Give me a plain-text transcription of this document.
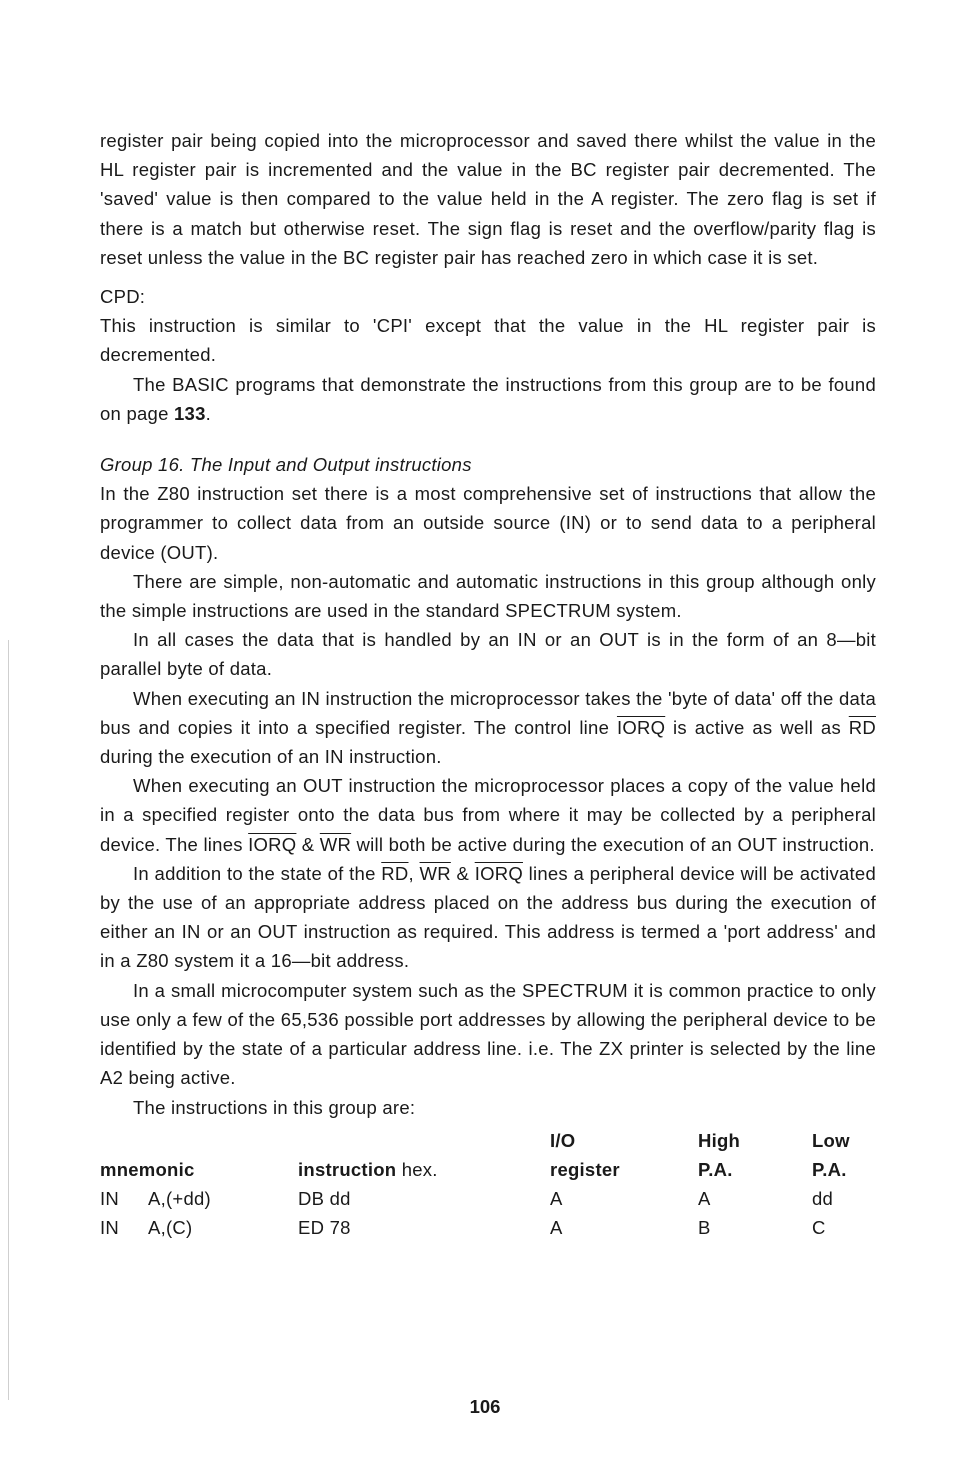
register pair being copied into the microprocessor and saved there whilst the value in the HL register pair is incremented and the value in the BC register pair decremented. The 'saved' value is then compared to the value held in the A register. The zero flag is set if there is a match but otherwise reset. The sign flag is reset and the overflow/parity flag is reset unless the value in the BC register pair has reached zero in which case it is set.

CPD:

This instruction is similar to 'CPI' except that the value in the HL register pair is decremented.

The BASIC programs that demonstrate the instructions from this group are to be found on page 133.

Group 16. The Input and Output instructions

In the Z80 instruction set there is a most comprehensive set of instructions that allow the programmer to collect data from an outside source (IN) or to send data to a peripheral device (OUT).

There are simple, non-automatic and automatic instructions in this group although only the simple instructions are used in the standard SPECTRUM system.

In all cases the data that is handled by an IN or an OUT is in the form of an 8—bit parallel byte of data.

When executing an IN instruction the microprocessor takes the 'byte of data' off the data bus and copies it into a specified register. The control line IORQ is active as well as $\overline{RD}$ during the execution of an IN instruction.

When executing an OUT instruction the microprocessor places a copy of the value held in a specified register onto the data bus from where it may be collected by a peripheral device. The lines IORQ & $\overline{WR}$ will both be active during the execution of an OUT instruction.

In addition to the state of the $\overline{RD}$, $\overline{WR}$ & IORQ lines a peripheral device will be activated by the use of an appropriate address placed on the address bus during the execution of either an IN or an OUT instruction as required. This address is termed a 'port address' and in a Z80 system it a 16—bit address.

In a small microcomputer system such as the SPECTRUM it is common practice to only use only a few of the 65,536 possible port addresses by allowing the peripheral device to be identified by the state of a particular address line. i.e. The ZX printer is selected by the line A2 being active.

The instructions in this group are:

			I/O	High	Low
mnemonic		instruction hex.	register	P.A.	P.A.
IN	A,(+dd)	DB dd	A	A	dd
IN	A,(C)	ED 78	A	B	C
106
